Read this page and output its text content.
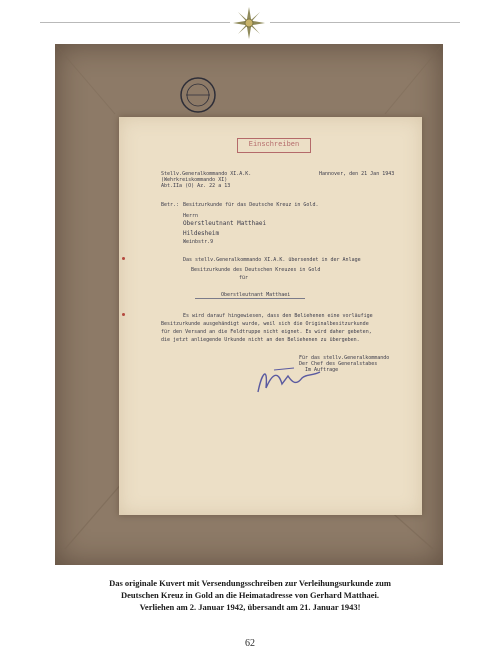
Einschreiben
Stellv.Generalkommando XI.A.K.
(Wehrkreiskommando XI)
Abt.IIa (O) Az. 22 a 13
Hannover, den 21 Jan 1943
Betr.: Besitzurkunde für das Deutsche Kreuz in Gold.
Herrn
Oberstleutnant Matthaei
Hildesheim
Weinbstr.9
Das stellv.Generalkommando XI.A.K. übersendet in der Anlage
Besitzurkunde des Deutschen Kreuzes in Gold
für
Oberstleutnant Matthaei
Es wird darauf hingewiesen, dass den Beliehenen eine vorläufige
Besitzurkunde ausgehändigt wurde, weil sich die Originalbesitzurkunde
für den Versand an die Feldtruppe nicht eignet. Es wird daher gebeten,
die jetzt anliegende Urkunde nicht an den Beliehenen zu übergeben.
Für das stellv.Generalkommando
Der Chef des Generalstabes
Im Auftrage
Das originale Kuvert mit Versendungsschreiben zur Verleihungsurkunde zum
Deutschen Kreuz in Gold an die Heimatadresse von Gerhard Matthaei.
Verliehen am 2. Januar 1942, übersandt am 21. Januar 1943!
62
